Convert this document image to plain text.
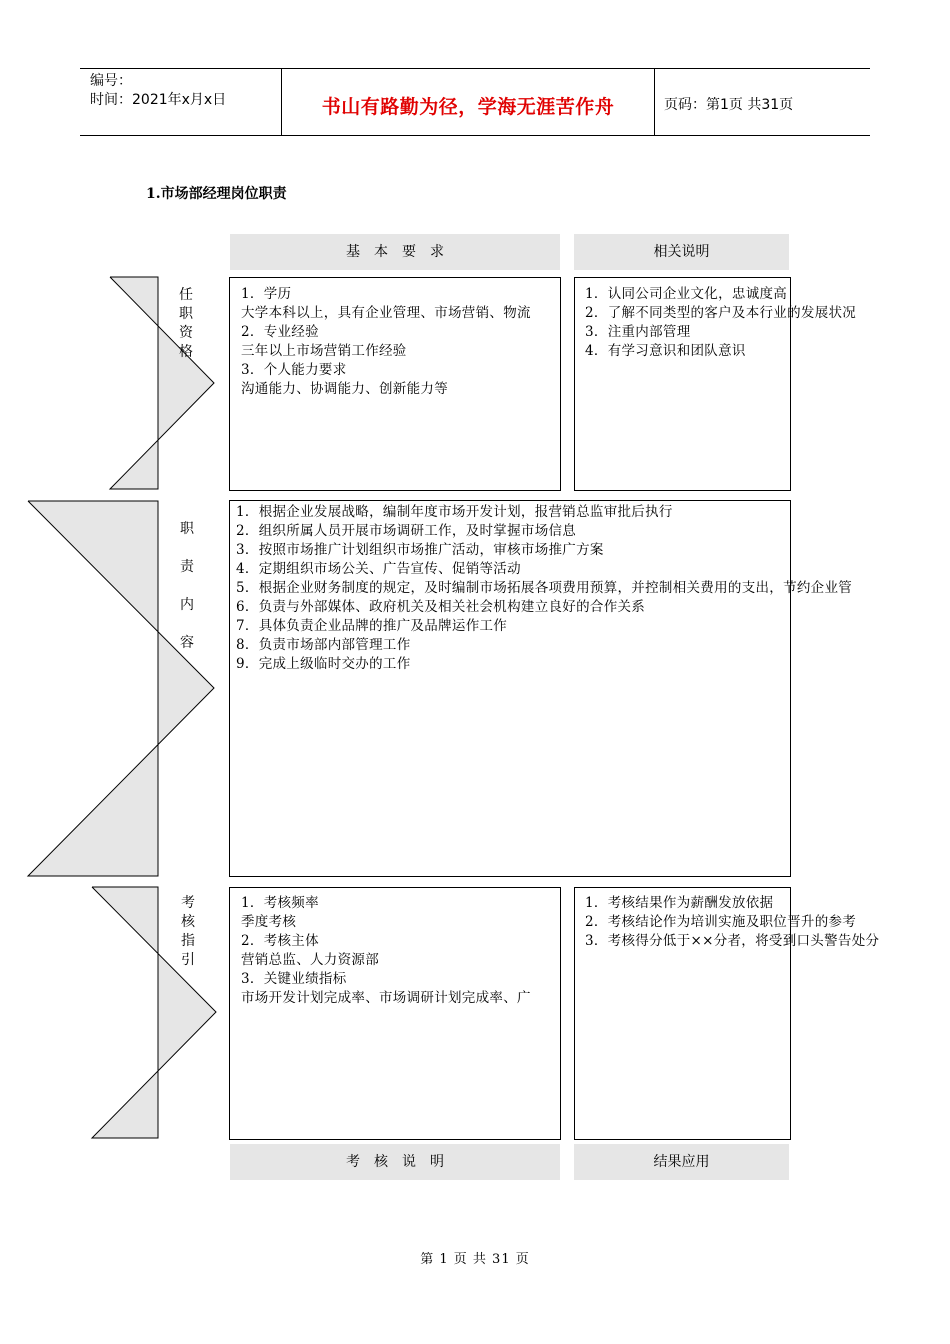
编号：
时间：2021年x月x日	书山有路勤为径，学海无涯苦作舟	页码：第1页 共31页
1.市场部经理岗位职责
基　本　要　求	相关说明
任
职
资
格
1．学历
大学本科以上，具有企业管理、市场营销、物流
2．专业经验
三年以上市场营销工作经验
3．个人能力要求
沟通能力、协调能力、创新能力等
1．认同公司企业文化，忠诚度高
2．了解不同类型的客户及本行业的发展状况
3．注重内部管理
4．有学习意识和团队意识
职
责
内
容
1．根据企业发展战略，编制年度市场开发计划，报营销总监审批后执行
2．组织所属人员开展市场调研工作，及时掌握市场信息
3．按照市场推广计划组织市场推广活动，审核市场推广方案
4．定期组织市场公关、广告宣传、促销等活动
5．根据企业财务制度的规定，及时编制市场拓展各项费用预算，并控制相关费用的支出，节约企业管
6．负责与外部媒体、政府机关及相关社会机构建立良好的合作关系
7．具体负责企业品牌的推广及品牌运作工作
8．负责市场部内部管理工作
9．完成上级临时交办的工作
考
核
指
引
1．考核频率
季度考核
2．考核主体
营销总监、人力资源部
3．关键业绩指标
市场开发计划完成率、市场调研计划完成率、广
1．考核结果作为薪酬发放依据
2．考核结论作为培训实施及职位晋升的参考
3．考核得分低于××分者，将受到口头警告处分
考　核　说　明	结果应用
第 1 页 共 31 页
